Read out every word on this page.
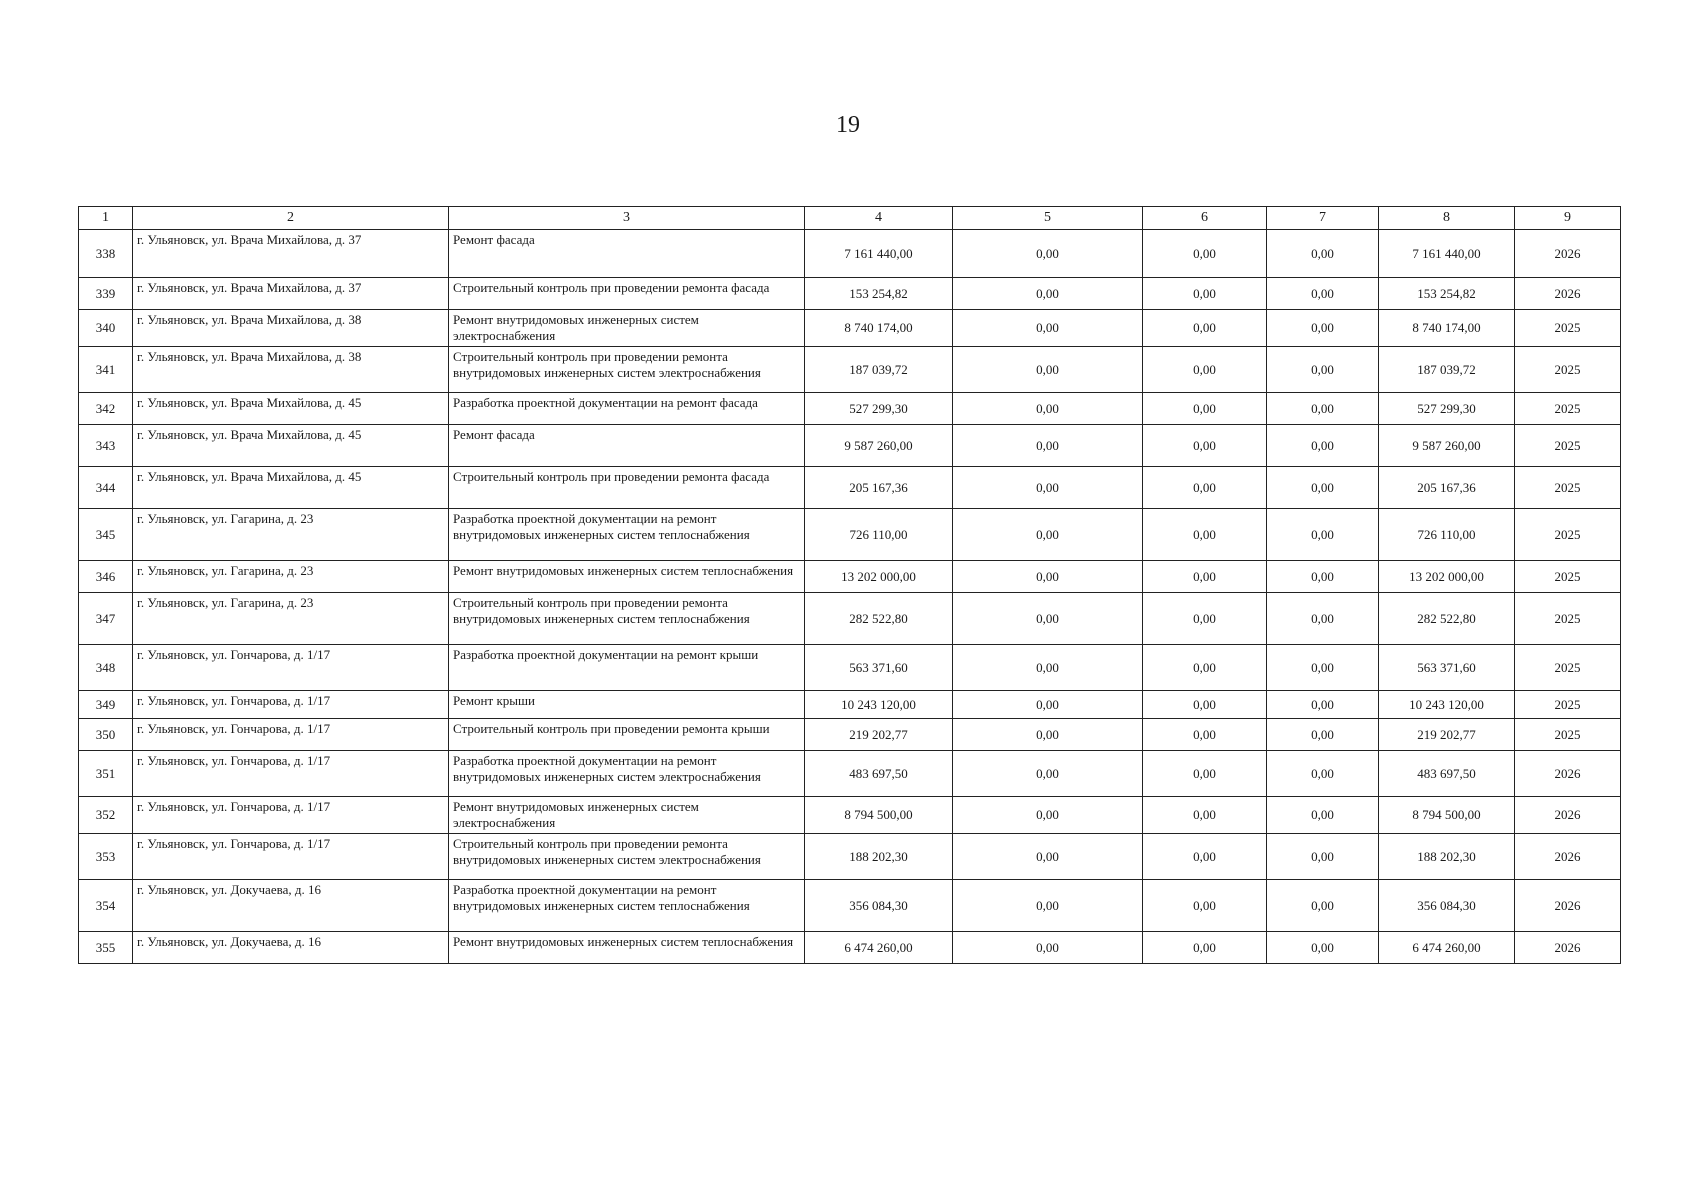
19
1	2	3	4	5	6	7	8	9
338	г. Ульяновск, ул. Врача Михайлова, д. 37	Ремонт фасада	7 161 440,00	0,00	0,00	0,00	7 161 440,00	2026
339	г. Ульяновск, ул. Врача Михайлова, д. 37	Строительный контроль при проведении ремонта фасада	153 254,82	0,00	0,00	0,00	153 254,82	2026
340	г. Ульяновск, ул. Врача Михайлова, д. 38	Ремонт внутридомовых инженерных систем электроснабжения	8 740 174,00	0,00	0,00	0,00	8 740 174,00	2025
341	г. Ульяновск, ул. Врача Михайлова, д. 38	Строительный контроль при проведении ремонта внутридомовых инженерных систем электроснабжения	187 039,72	0,00	0,00	0,00	187 039,72	2025
342	г. Ульяновск, ул. Врача Михайлова, д. 45	Разработка проектной документации на ремонт фасада	527 299,30	0,00	0,00	0,00	527 299,30	2025
343	г. Ульяновск, ул. Врача Михайлова, д. 45	Ремонт фасада	9 587 260,00	0,00	0,00	0,00	9 587 260,00	2025
344	г. Ульяновск, ул. Врача Михайлова, д. 45	Строительный контроль при проведении ремонта фасада	205 167,36	0,00	0,00	0,00	205 167,36	2025
345	г. Ульяновск, ул. Гагарина, д. 23	Разработка проектной документации на ремонт внутридомовых инженерных систем теплоснабжения	726 110,00	0,00	0,00	0,00	726 110,00	2025
346	г. Ульяновск, ул. Гагарина, д. 23	Ремонт внутридомовых инженерных систем теплоснабжения	13 202 000,00	0,00	0,00	0,00	13 202 000,00	2025
347	г. Ульяновск, ул. Гагарина, д. 23	Строительный контроль при проведении ремонта внутридомовых инженерных систем теплоснабжения	282 522,80	0,00	0,00	0,00	282 522,80	2025
348	г. Ульяновск, ул. Гончарова, д. 1/17	Разработка проектной документации на ремонт крыши	563 371,60	0,00	0,00	0,00	563 371,60	2025
349	г. Ульяновск, ул. Гончарова, д. 1/17	Ремонт крыши	10 243 120,00	0,00	0,00	0,00	10 243 120,00	2025
350	г. Ульяновск, ул. Гончарова, д. 1/17	Строительный контроль при проведении ремонта крыши	219 202,77	0,00	0,00	0,00	219 202,77	2025
351	г. Ульяновск, ул. Гончарова, д. 1/17	Разработка проектной документации на ремонт внутридомовых инженерных систем электроснабжения	483 697,50	0,00	0,00	0,00	483 697,50	2026
352	г. Ульяновск, ул. Гончарова, д. 1/17	Ремонт внутридомовых инженерных систем электроснабжения	8 794 500,00	0,00	0,00	0,00	8 794 500,00	2026
353	г. Ульяновск, ул. Гончарова, д. 1/17	Строительный контроль при проведении ремонта внутридомовых инженерных систем электроснабжения	188 202,30	0,00	0,00	0,00	188 202,30	2026
354	г. Ульяновск, ул. Докучаева, д. 16	Разработка проектной документации на ремонт внутридомовых инженерных систем теплоснабжения	356 084,30	0,00	0,00	0,00	356 084,30	2026
355	г. Ульяновск, ул. Докучаева, д. 16	Ремонт внутридомовых инженерных систем теплоснабжения	6 474 260,00	0,00	0,00	0,00	6 474 260,00	2026
